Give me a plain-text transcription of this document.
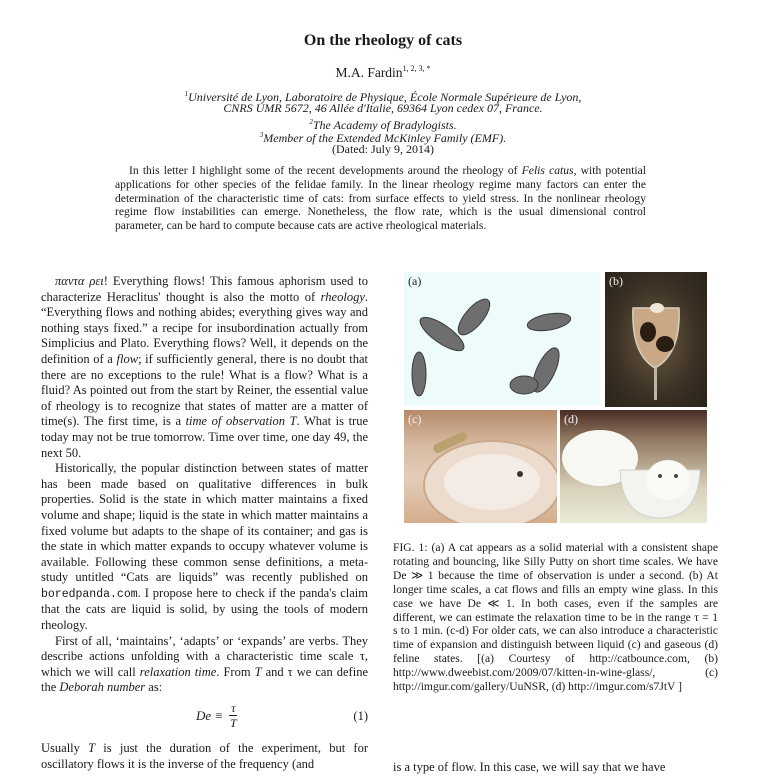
On the rheology of cats
M.A. Fardin$^{1, 2, 3, *}$
$^1$Université de Lyon, Laboratoire de Physique, École Normale Supérieure de Lyon,
CNRS UMR 5672, 46 Allée d'Italie, 69364 Lyon cedex 07, France.
$^2$The Academy of Bradylogists.
$^3$Member of the Extended McKinley Family (EMF).
(Dated: July 9, 2014)
In this letter I highlight some of the recent developments around the rheology of Felis catus, with potential applications for other species of the felidae family. In the linear rheology regime many factors can enter the determination of the characteristic time of cats: from surface effects to yield stress. In the nonlinear rheology regime flow instabilities can emerge. Nonetheless, the flow rate, which is the usual dimensional control parameter, can be hard to compute because cats are active rheological materials.

παντα ρει! Everything flows! This famous aphorism used to characterize Heraclitus' thought is also the motto of rheology. “Everything flows and nothing abides; everything gives way and nothing stays fixed.” a recipe for insubordination actually from Simplicius and Plato. Everything flows? Well, it depends on the definition of a flow; if sufficiently general, there is no doubt that there are no exceptions to the rule! What is a flow? What is a fluid? As pointed out from the start by Reiner, the essential value of rheology is to recognize that states of matter are a matter of time(s). The first time, is a time of observation T. What is true today may not be true tomorrow. Time over time, one day 49, the next 50.

Historically, the popular distinction between states of matter has been made based on qualitative differences in bulk properties. Solid is the state in which matter maintains a fixed volume and shape; liquid is the state in which matter maintains a fixed volume but adapts to the shape of its container; and gas is the state in which matter expands to occupy whatever volume is available. Following these common sense definitions, a meta-study untitled “Cats are liquids” was recently published on boredpanda.com. I propose here to check if the panda's claim that the cats are liquid is solid, by using the tools of modern rheology.

First of all, ‘maintains’, ‘adapts’ or ‘expands’ are verbs. They describe actions unfolding with a characteristic time scale τ, which we will call relaxation time. From T and τ we can define the Deborah number as:

$De \equiv \frac{\tau}{T}$	(1)

Usually T is just the duration of the experiment, but for oscillatory flows it is the inverse of the frequency (and

(a)	(b)
(c)	(d)
FIG. 1: (a) A cat appears as a solid material with a consistent shape rotating and bouncing, like Silly Putty on short time scales. We have De ≫ 1 because the time of observation is under a second. (b) At longer time scales, a cat flows and fills an empty wine glass. In this case we have De ≪ 1. In both cases, even if the samples are different, we can estimate the relaxation time to be in the range τ = 1 s to 1 min. (c-d) For older cats, we can also introduce a characteristic time of expansion and distinguish between liquid (c) and gaseous (d) feline states. [(a) Courtesy of http://catbounce.com, (b) http://www.dweebist.com/2009/07/kitten-in-wine-glass/, (c) http://imgur.com/gallery/UuNSR, (d) http://imgur.com/s7JtV ]
is a type of flow. In this case, we will say that we have
